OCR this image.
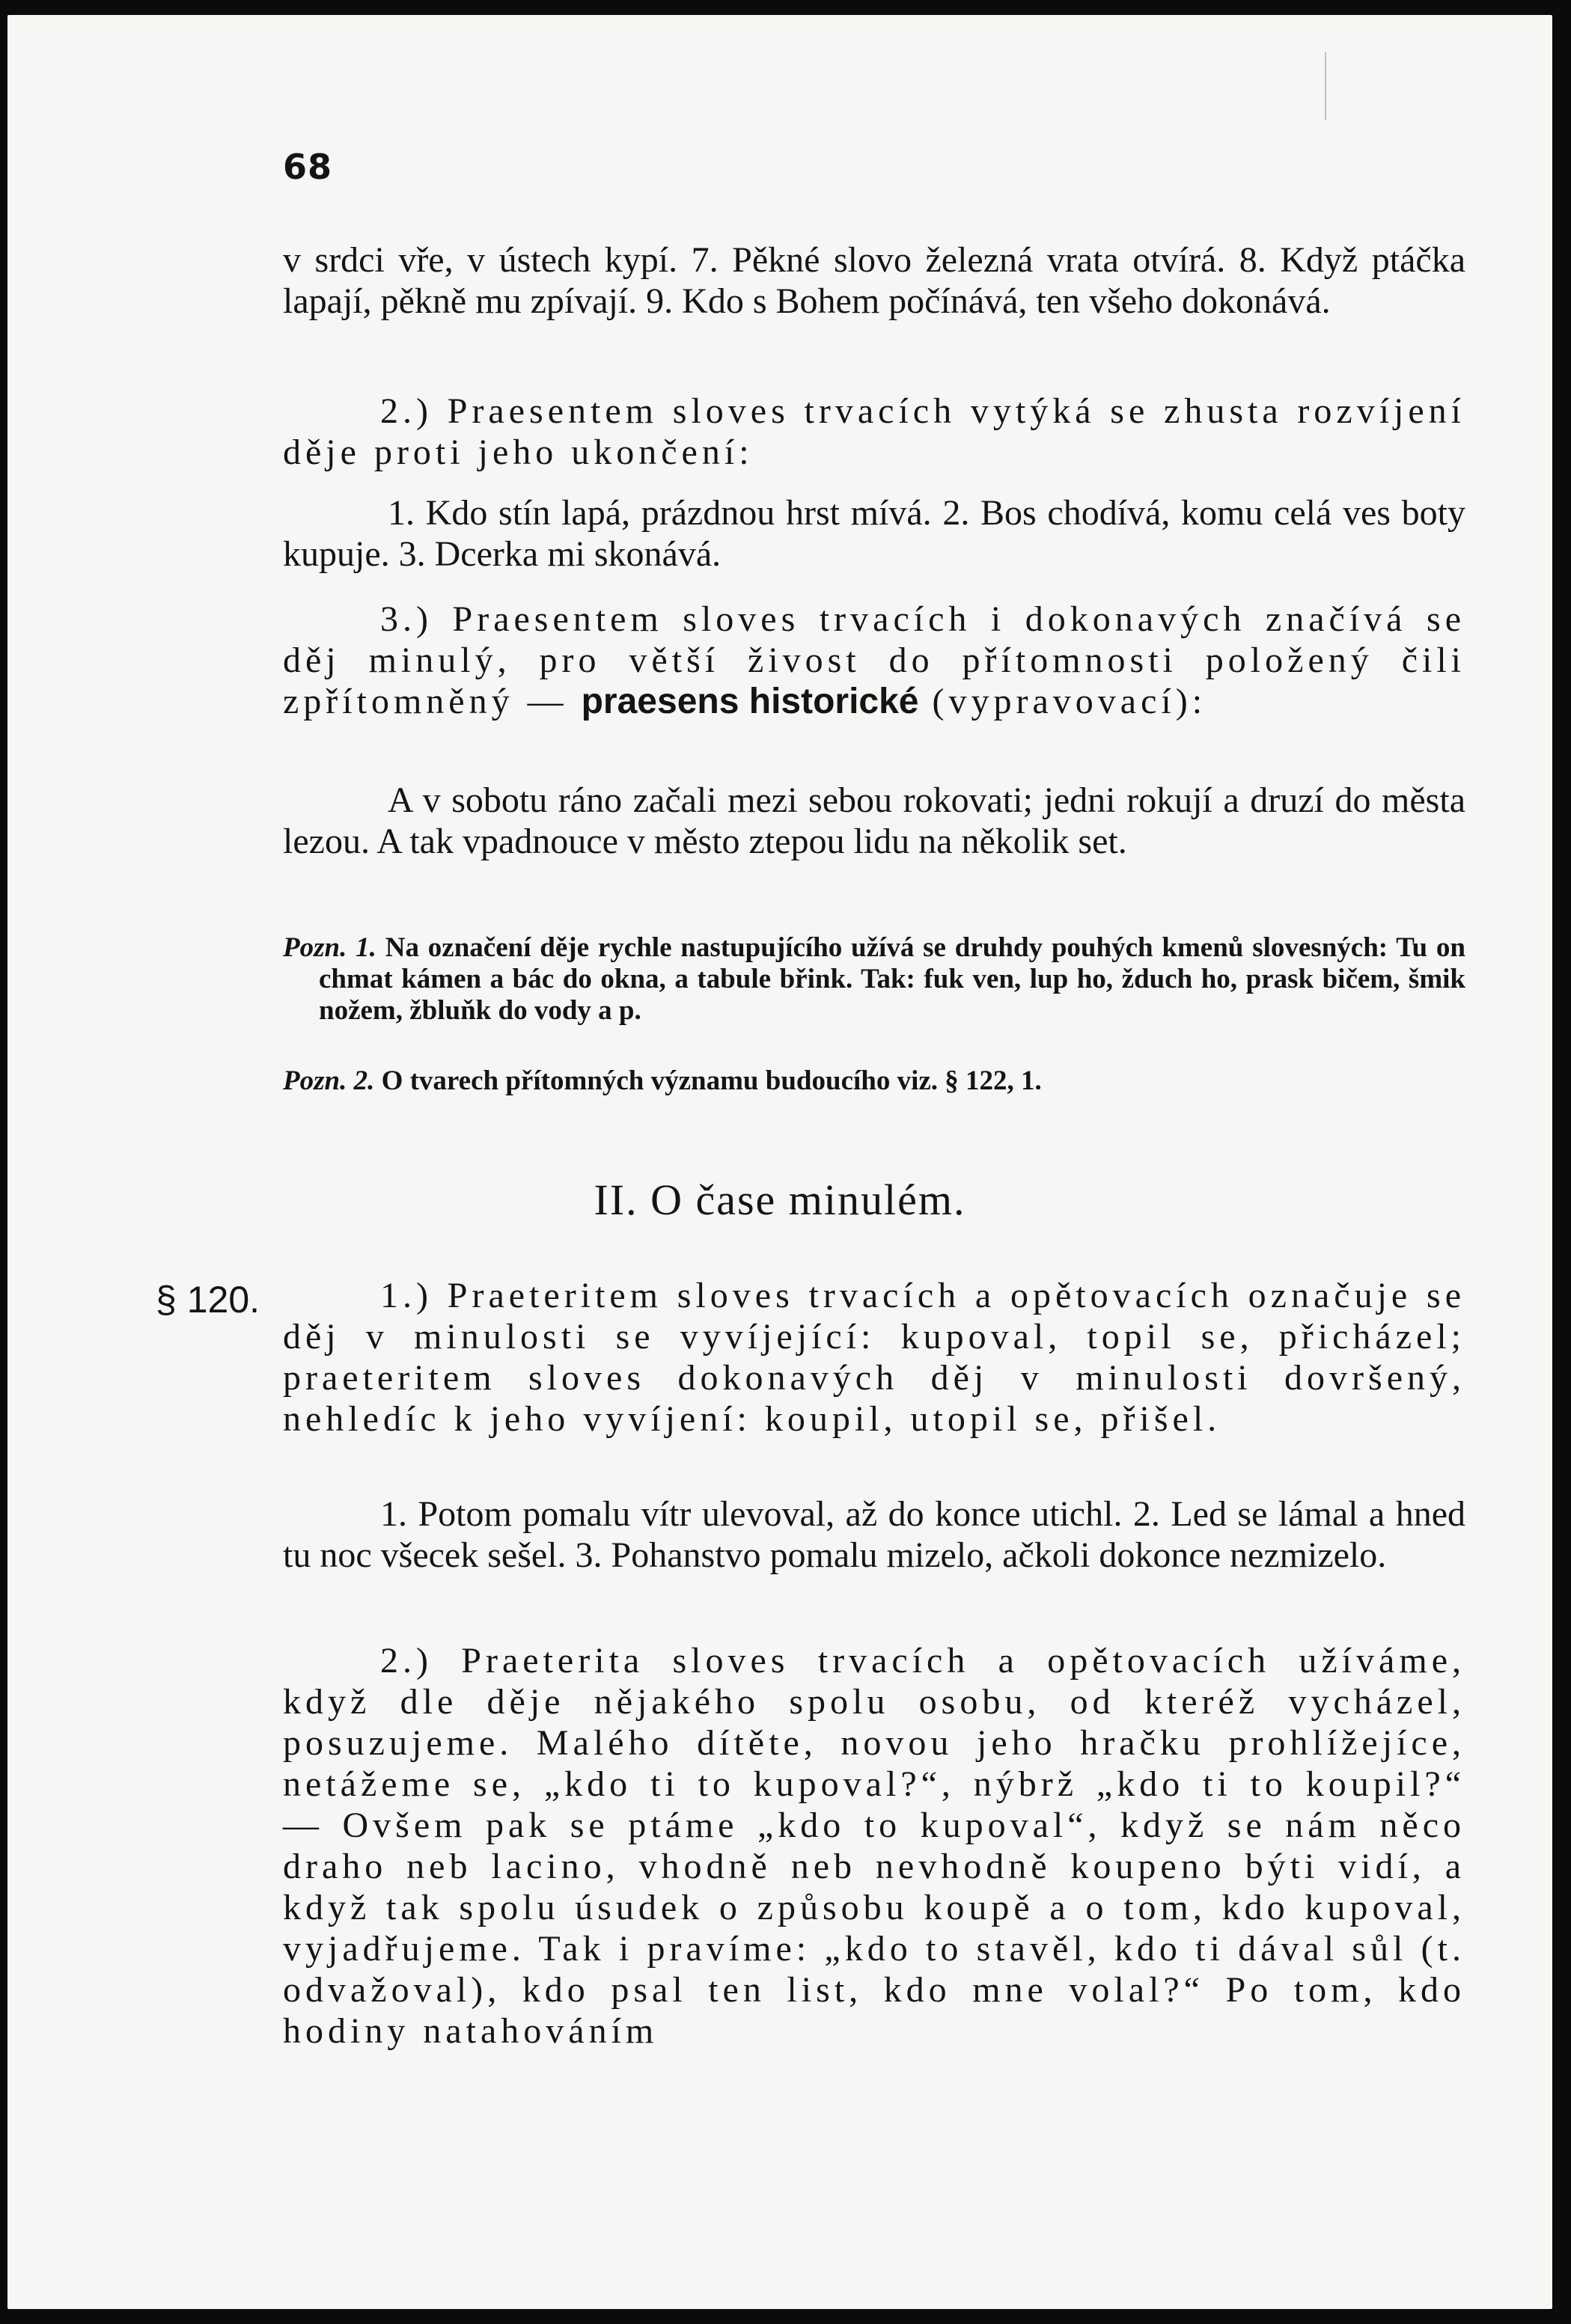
68

v srdci vře, v ústech kypí. 7. Pěkné slovo železná vrata otvírá. 8. Když ptáčka lapají, pěkně mu zpívají. 9. Kdo s Bohem počínává, ten všeho dokonává.

2.) Praesentem sloves trvacích vytýká se zhusta rozvíjení děje proti jeho ukončení:

1. Kdo stín lapá, prázdnou hrst mívá. 2. Bos chodívá, komu celá ves boty kupuje. 3. Dcerka mi skonává.

3.) Praesentem sloves trvacích i dokonavých značívá se děj minulý, pro větší živost do přítomnosti položený čili zpřítomněný — praesens historické (vypravovací):

A v sobotu ráno začali mezi sebou rokovati; jedni rokují a druzí do města lezou. A tak vpadnouce v město ztepou lidu na několik set.

Pozn. 1. Na označení děje rychle nastupujícího užívá se druhdy pouhých kmenů slovesných: Tu on chmat kámen a bác do okna, a tabule břink. Tak: fuk ven, lup ho, žduch ho, prask bičem, šmik nožem, žbluňk do vody a p.

Pozn. 2. O tvarech přítomných významu budoucího viz. § 122, 1.

II. O čase minulém.
§ 120.	1.) Praeteritem sloves trvacích a opětovacích označuje se děj v minulosti se vyvíjející: kupoval, topil se, přicházel; praeteritem sloves dokonavých děj v minulosti dovršený, nehledíc k jeho vyvíjení: koupil, utopil se, přišel.

1. Potom pomalu vítr ulevoval, až do konce utichl. 2. Led se lámal a hned tu noc všecek sešel. 3. Pohanstvo pomalu mizelo, ačkoli dokonce nezmizelo.

2.) Praeterita sloves trvacích a opětovacích užíváme, když dle děje nějakého spolu osobu, od kteréž vycházel, posuzujeme. Malého dítěte, novou jeho hračku prohlížejíce, netážeme se, „kdo ti to kupoval?“, nýbrž „kdo ti to koupil?“ — Ovšem pak se ptáme „kdo to kupoval“, když se nám něco draho neb lacino, vhodně neb nevhodně koupeno býti vidí, a když tak spolu úsudek o způsobu koupě a o tom, kdo kupoval, vyjadřujeme. Tak i pravíme: „kdo to stavěl, kdo ti dával sůl (t. odvažoval), kdo psal ten list, kdo mne volal?“ Po tom, kdo hodiny natahováním
